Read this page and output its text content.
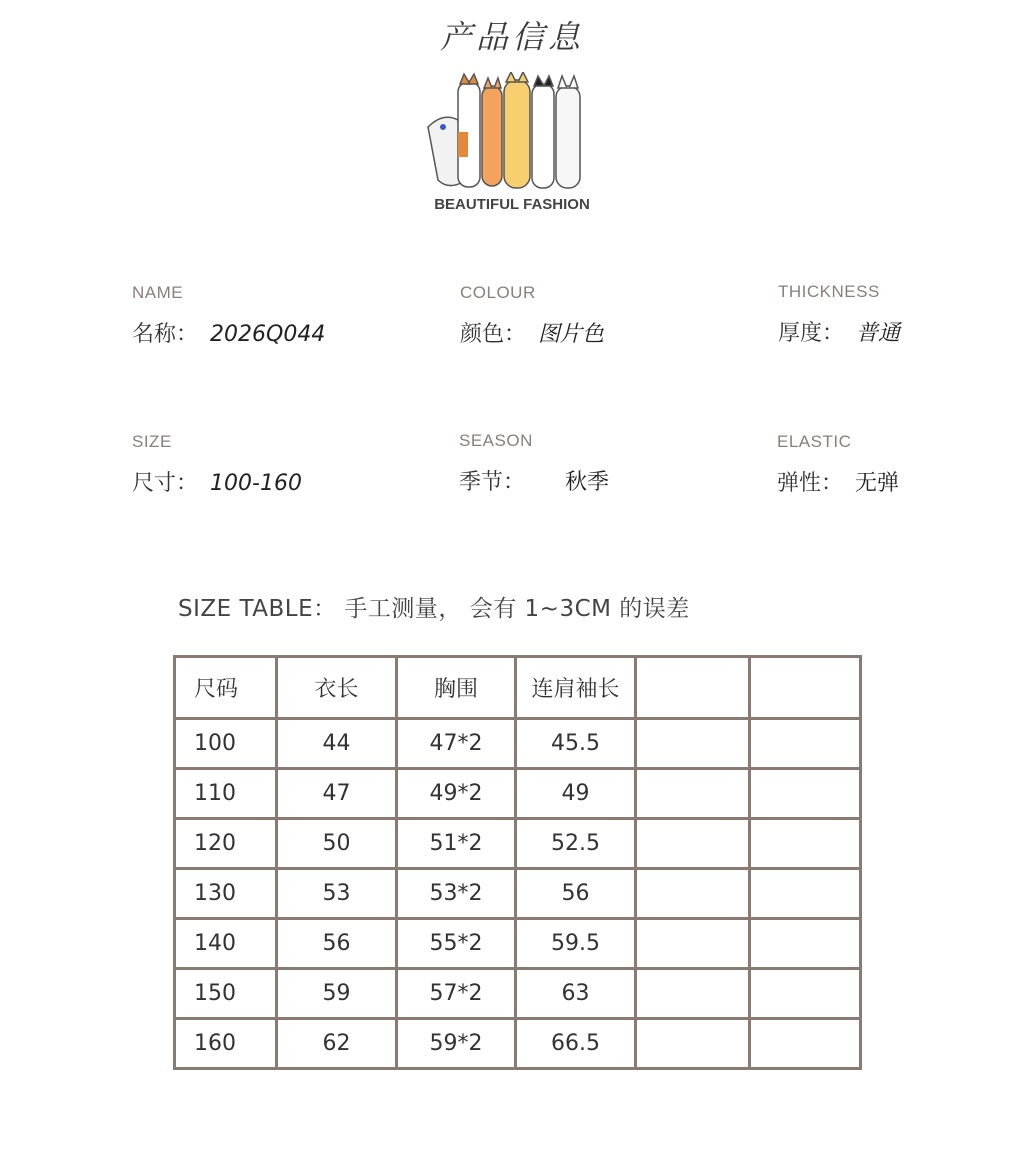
产品信息
BEAUTIFUL FASHION
NAME
名称： 2026Q044
COLOUR
颜色： 图片色
THICKNESS
厚度： 普通
SIZE
尺寸： 100-160
SEASON
季节： 秋季
ELASTIC
弹性： 无弹
SIZE TABLE： 手工测量， 会有 1~3CM 的误差
尺码	衣长	胸围	连肩袖长		
100	44	47*2	45.5		
110	47	49*2	49		
120	50	51*2	52.5		
130	53	53*2	56		
140	56	55*2	59.5		
150	59	57*2	63		
160	62	59*2	66.5		
